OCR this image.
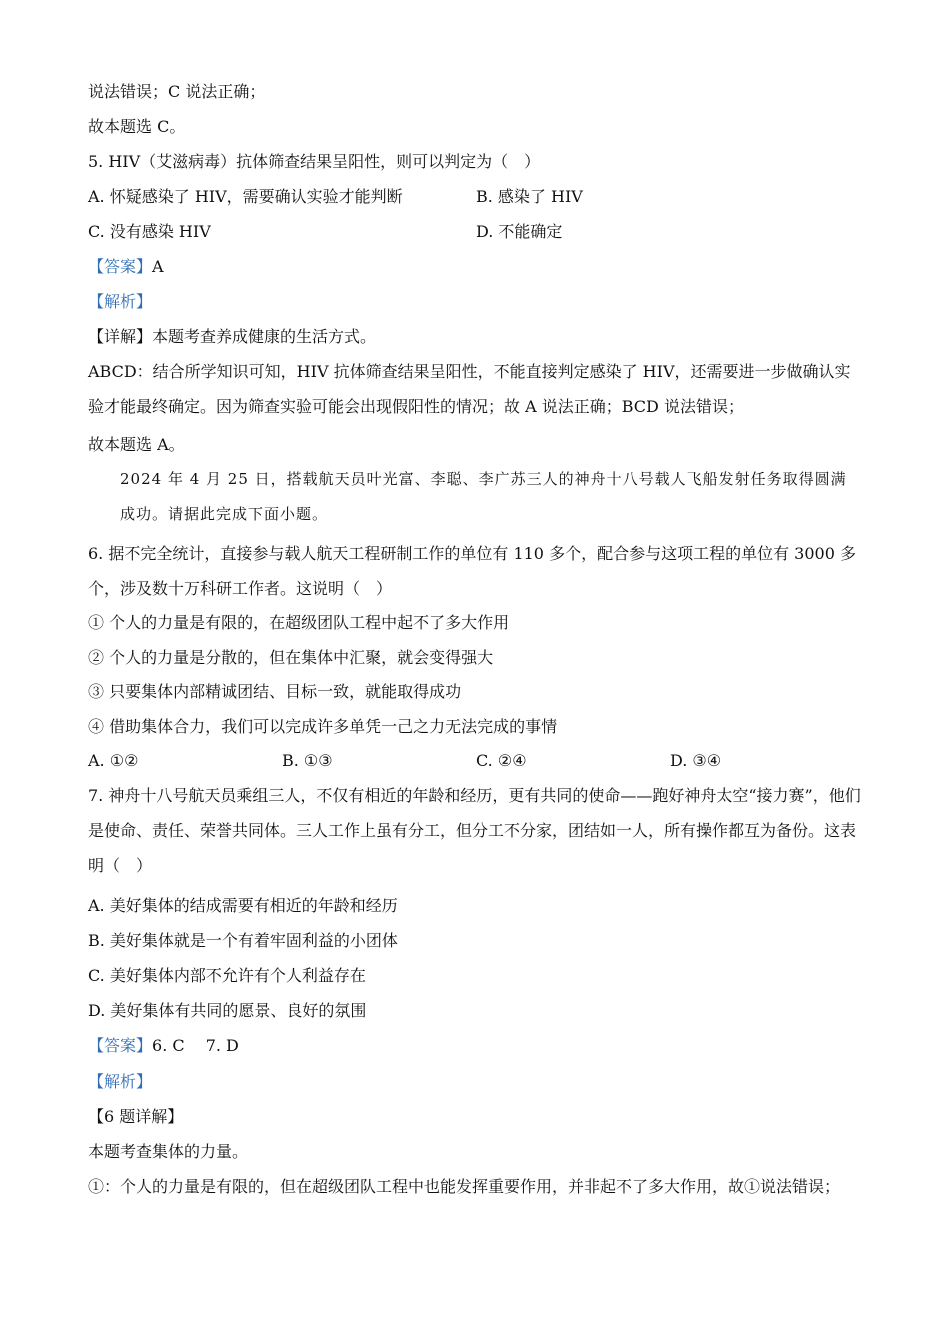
说法错误；C 说法正确；
故本题选 C。
5. HIV（艾滋病毒）抗体筛查结果呈阳性，则可以判定为（　）
A. 怀疑感染了 HIV，需要确认实验才能判断	B. 感染了 HIV
C. 没有感染 HIV	D. 不能确定
【答案】A
【解析】
【详解】本题考查养成健康的生活方式。
ABCD：结合所学知识可知，HIV 抗体筛查结果呈阳性，不能直接判定感染了 HIV，还需要进一步做确认实验才能最终确定。因为筛查实验可能会出现假阳性的情况；故 A 说法正确；BCD 说法错误；
故本题选 A。
2024 年 4 月 25 日，搭载航天员叶光富、李聪、李广苏三人的神舟十八号载人飞船发射任务取得圆满成功。请据此完成下面小题。
6. 据不完全统计，直接参与载人航天工程研制工作的单位有 110 多个，配合参与这项工程的单位有 3000 多个，涉及数十万科研工作者。这说明（　）
① 个人的力量是有限的，在超级团队工程中起不了多大作用
② 个人的力量是分散的，但在集体中汇聚，就会变得强大
③ 只要集体内部精诚团结、目标一致，就能取得成功
④ 借助集体合力，我们可以完成许多单凭一己之力无法完成的事情
A. ①②	B. ①③	C. ②④	D. ③④
7. 神舟十八号航天员乘组三人，不仅有相近的年龄和经历，更有共同的使命——跑好神舟太空“接力赛”，他们是使命、责任、荣誉共同体。三人工作上虽有分工，但分工不分家，团结如一人，所有操作都互为备份。这表明（　）
A. 美好集体的结成需要有相近的年龄和经历
B. 美好集体就是一个有着牢固利益的小团体
C. 美好集体内部不允许有个人利益存在
D. 美好集体有共同的愿景、良好的氛围
【答案】6. C　 7. D
【解析】
【6 题详解】
本题考查集体的力量。
①：个人的力量是有限的，但在超级团队工程中也能发挥重要作用，并非起不了多大作用，故①说法错误；
